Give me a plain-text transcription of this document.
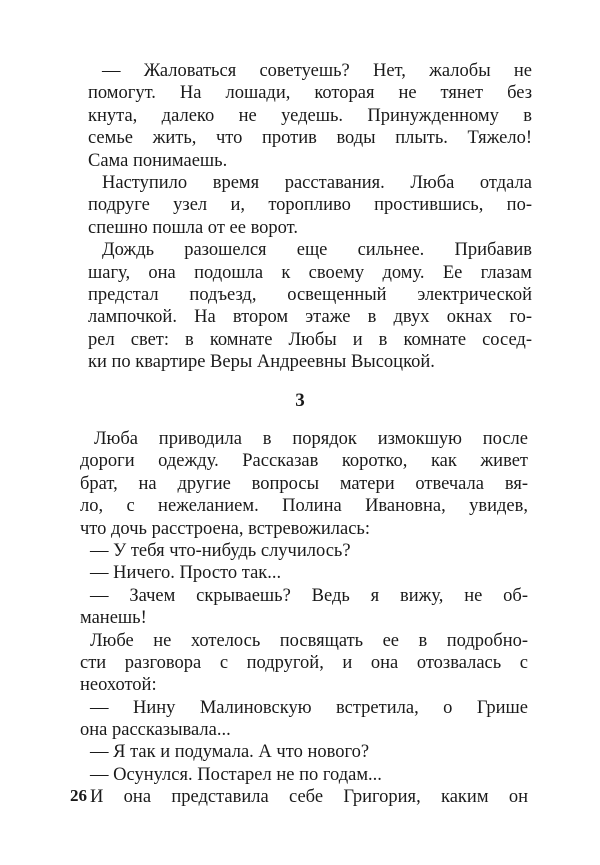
— Жаловаться советуешь? Нет, жалобы не
помогут. На лошади, которая не тянет без
кнута, далеко не уедешь. Принужденному в
семье жить, что против воды плыть. Тяжело!
Сама понимаешь.
Наступило время расставания. Люба отдала
подруге узел и, торопливо простившись, по-
спешно пошла от ее ворот.
Дождь разошелся еще сильнее. Прибавив
шагу, она подошла к своему дому. Ее глазам
предстал подъезд, освещенный электрической
лампочкой. На втором этаже в двух окнах го-
рел свет: в комнате Любы и в комнате сосед-
ки по квартире Веры Андреевны Высоцкой.
3
Люба приводила в порядок измокшую после
дороги одежду. Рассказав коротко, как живет
брат, на другие вопросы матери отвечала вя-
ло, с нежеланием. Полина Ивановна, увидев,
что дочь расстроена, встревожилась:
— У тебя что-нибудь случилось?
— Ничего. Просто так...
— Зачем скрываешь? Ведь я вижу, не об-
манешь!
Любе не хотелось посвящать ее в подробно-
сти разговора с подругой, и она отозвалась с
неохотой:
— Нину Малиновскую встретила, о Грише
она рассказывала...
— Я так и подумала. А что нового?
— Осунулся. Постарел не по годам...
И она представила себе Григория, каким он
26
